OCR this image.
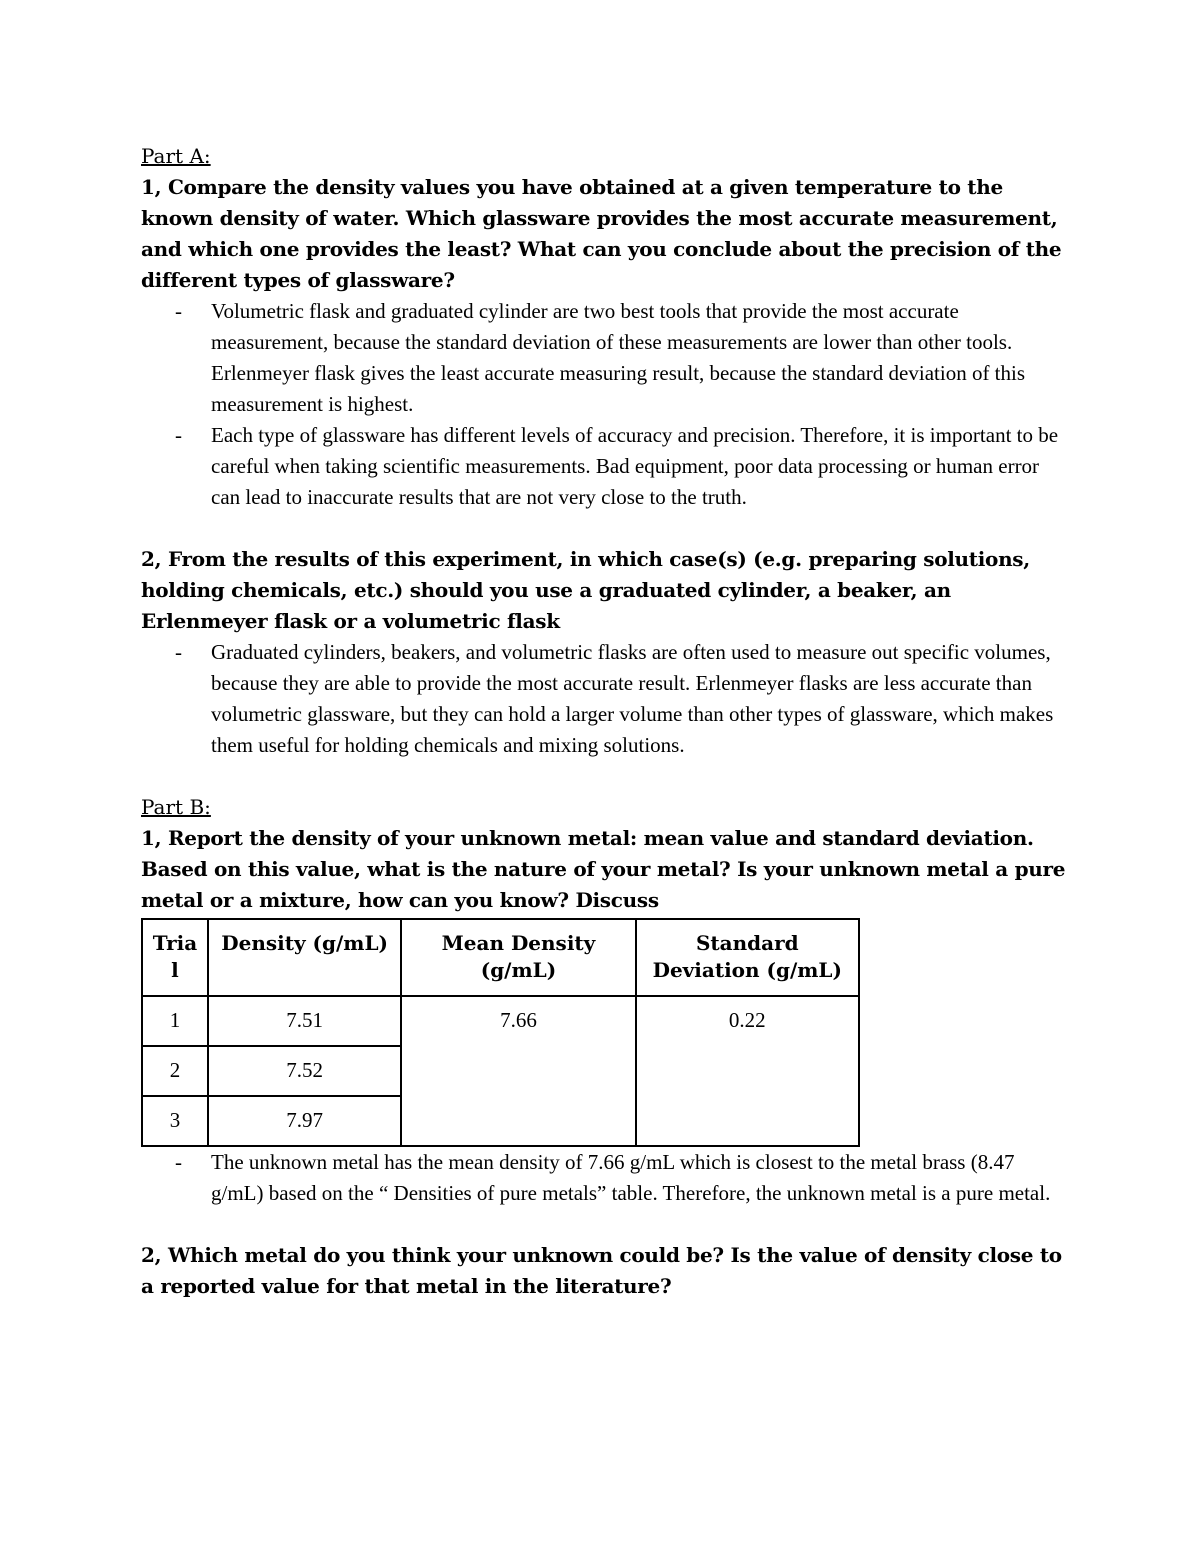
Part A:
1, Compare the density values you have obtained at a given temperature to the known density of water. Which glassware provides the most accurate measurement, and which one provides the least? What can you conclude about the precision of the different types of glassware?
- Volumetric flask and graduated cylinder are two best tools that provide the most accurate measurement, because the standard deviation of these measurements are lower than other tools. Erlenmeyer flask gives the least accurate measuring result, because the standard deviation of this measurement is highest.
- Each type of glassware has different levels of accuracy and precision. Therefore, it is important to be careful when taking scientific measurements. Bad equipment, poor data processing or human error can lead to inaccurate results that are not very close to the truth.
2, From the results of this experiment, in which case(s) (e.g. preparing solutions, holding chemicals, etc.) should you use a graduated cylinder, a beaker, an Erlenmeyer flask or a volumetric flask
- Graduated cylinders, beakers, and volumetric flasks are often used to measure out specific volumes, because they are able to provide the most accurate result. Erlenmeyer flasks are less accurate than volumetric glassware, but they can hold a larger volume than other types of glassware, which makes them useful for holding chemicals and mixing solutions.
Part B:
1, Report the density of your unknown metal: mean value and standard deviation. Based on this value, what is the nature of your metal? Is your unknown metal a pure metal or a mixture, how can you know? Discuss
Tria l	Density (g/mL)	Mean Density (g/mL)	Standard Deviation (g/mL)
1	7.51	7.66	0.22
2	7.52		
3	7.97		
- The unknown metal has the mean density of 7.66 g/mL which is closest to the metal brass (8.47 g/mL) based on the “ Densities of pure metals” table. Therefore, the unknown metal is a pure metal.
2, Which metal do you think your unknown could be? Is the value of density close to a reported value for that metal in the literature?
